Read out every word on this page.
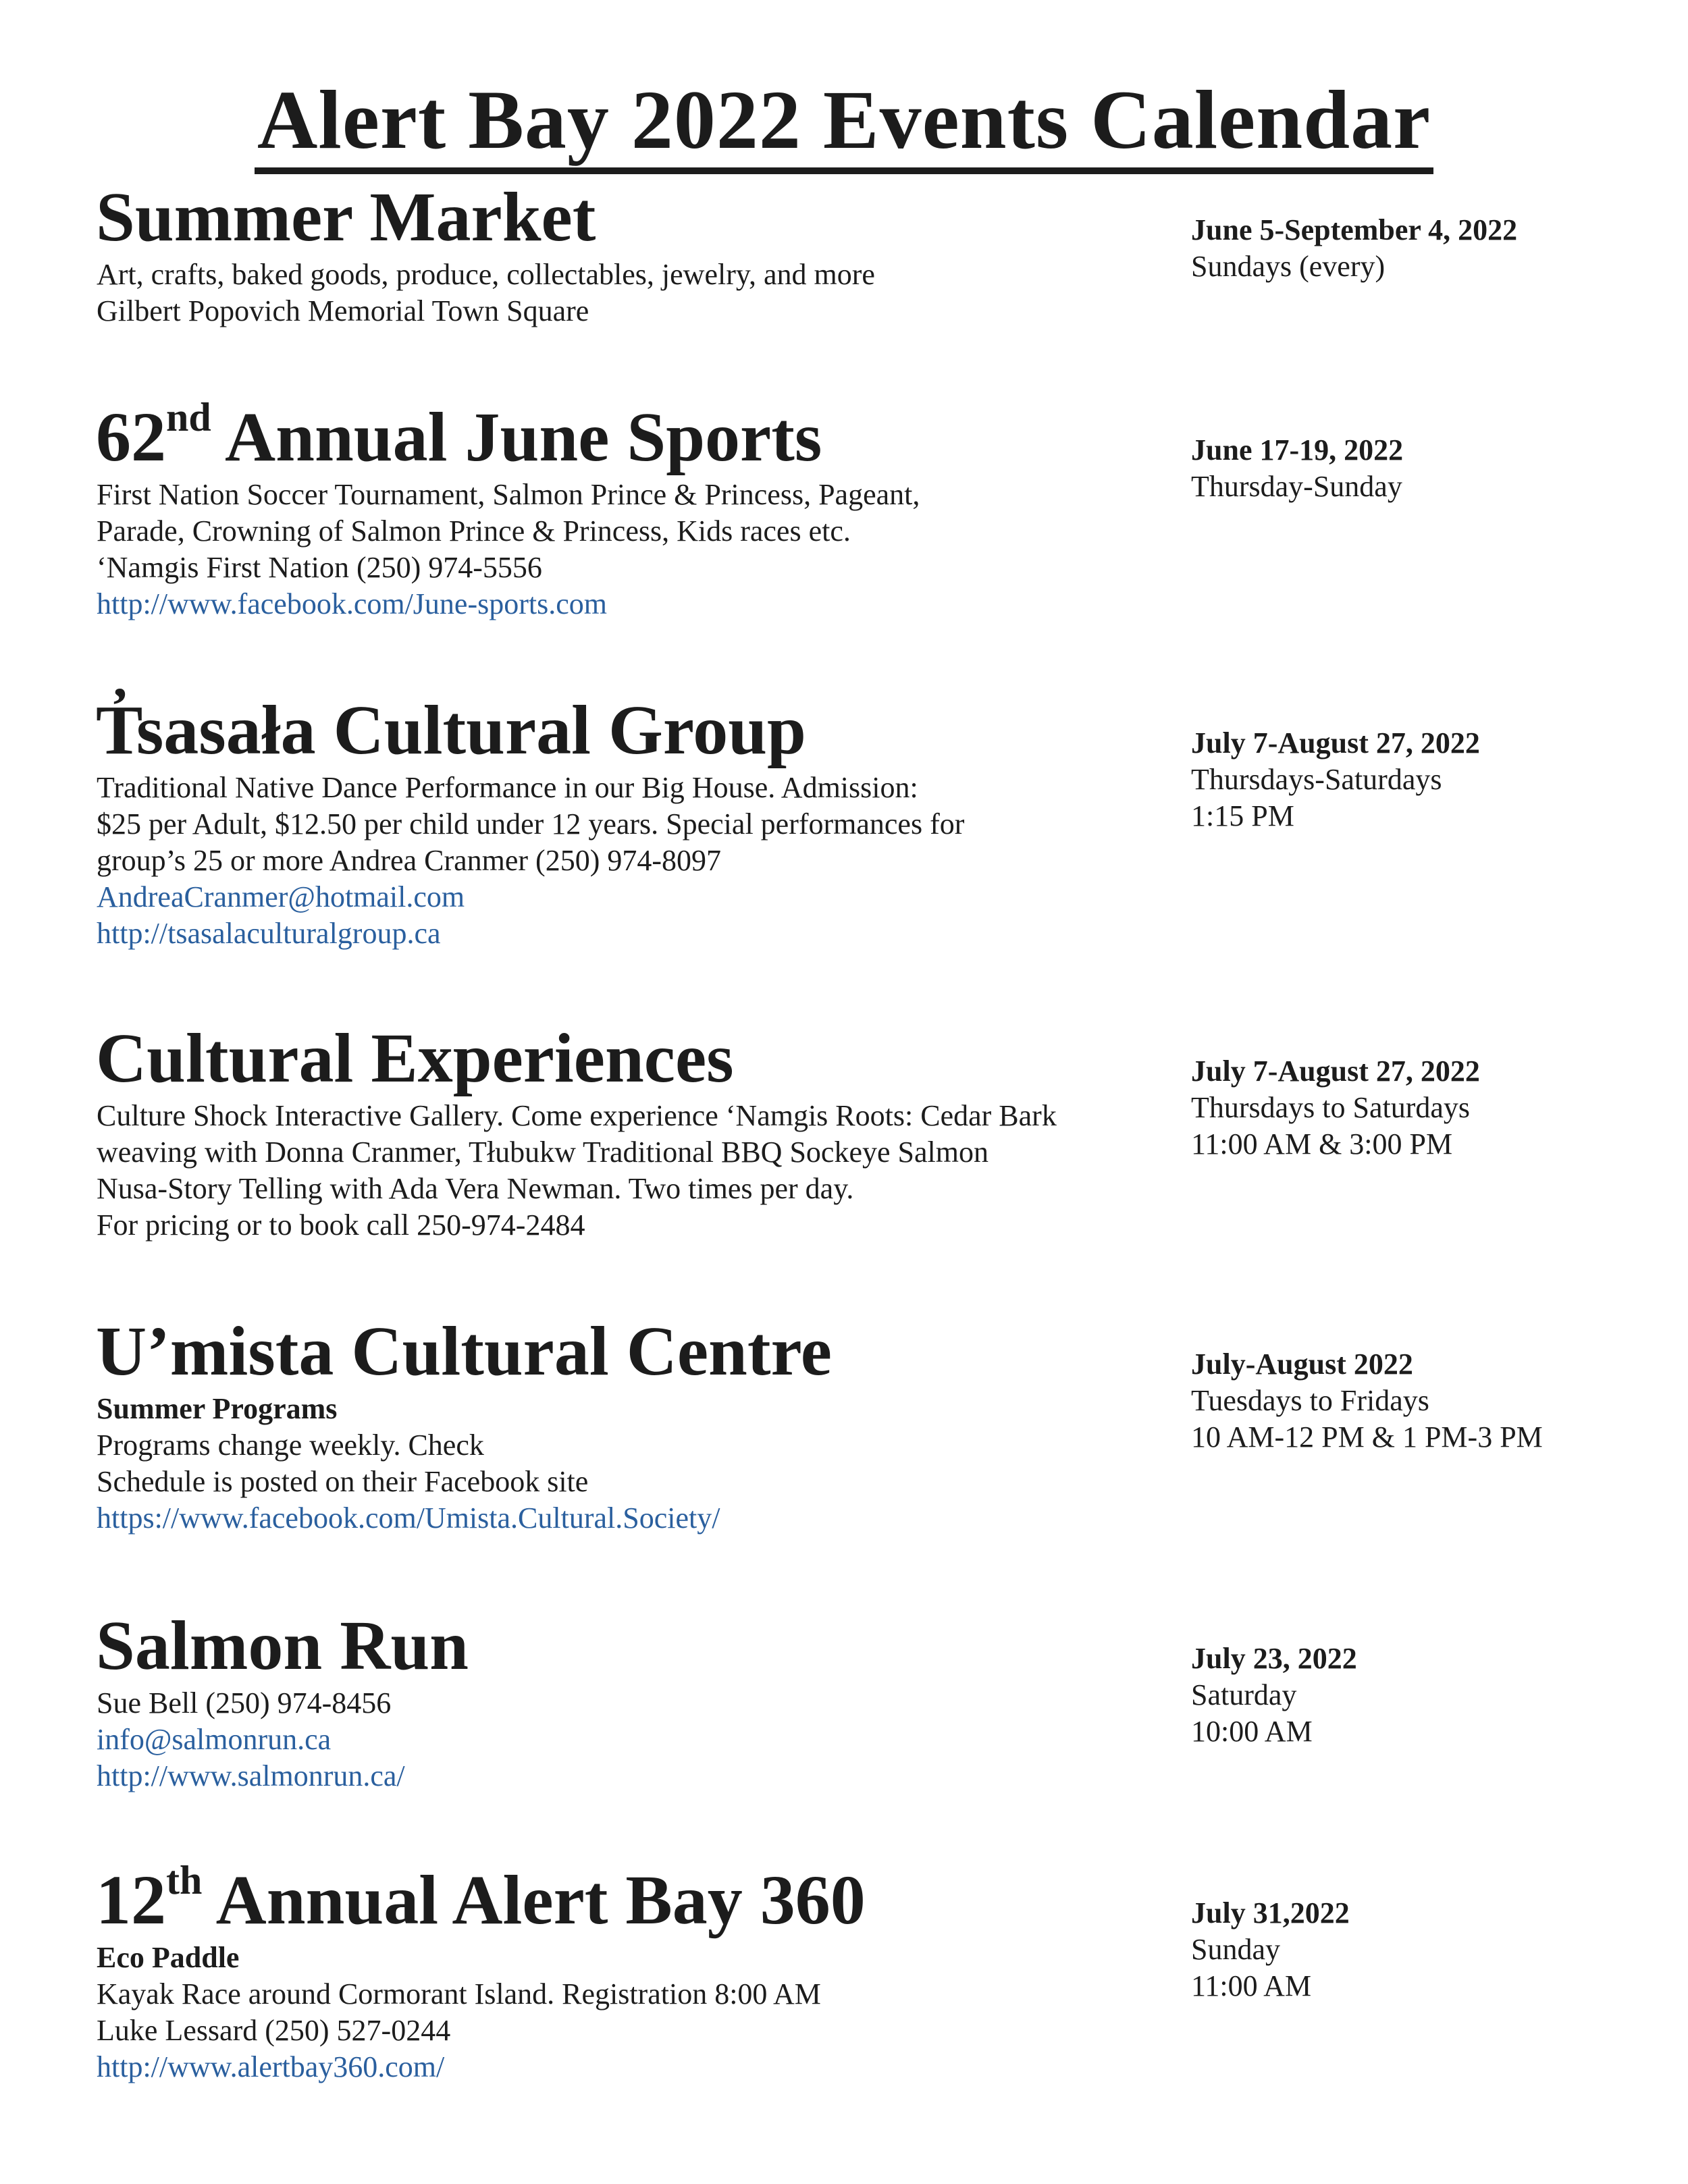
Alert Bay 2022 Events Calendar
Summer Market
Art, crafts, baked goods, produce, collectables, jewelry, and more
Gilbert Popovich Memorial Town Square
June 5-September 4, 2022
Sundays (every)
62nd Annual June Sports
First Nation Soccer Tournament, Salmon Prince & Princess, Pageant,
Parade, Crowning of Salmon Prince & Princess, Kids races etc.
‘Namgis First Nation (250) 974-5556
http://www.facebook.com/June-sports.com
June 17-19, 2022
Thursday-Sunday
T̓sasała Cultural Group
Traditional Native Dance Performance in our Big House. Admission:
$25 per Adult, $12.50 per child under 12 years. Special performances for
group’s 25 or more Andrea Cranmer (250) 974-8097
AndreaCranmer@hotmail.com
http://tsasalaculturalgroup.ca
July 7-August 27, 2022
Thursdays-Saturdays
1:15 PM
Cultural Experiences
Culture Shock Interactive Gallery. Come experience ‘Namgis Roots: Cedar Bark
weaving with Donna Cranmer, Tłubukw Traditional BBQ Sockeye Salmon
Nusa-Story Telling with Ada Vera Newman. Two times per day.
For pricing or to book call 250-974-2484
July 7-August 27, 2022
Thursdays to Saturdays
11:00 AM & 3:00 PM
U’mista Cultural Centre
Summer Programs
Programs change weekly. Check
Schedule is posted on their Facebook site
https://www.facebook.com/Umista.Cultural.Society/
July-August 2022
Tuesdays to Fridays
10 AM-12 PM & 1 PM-3 PM
Salmon Run
Sue Bell (250) 974-8456
info@salmonrun.ca
http://www.salmonrun.ca/
July 23, 2022
Saturday
10:00 AM
12th Annual Alert Bay 360
Eco Paddle
Kayak Race around Cormorant Island. Registration 8:00 AM
Luke Lessard (250) 527-0244
http://www.alertbay360.com/
July 31,2022
Sunday
11:00 AM
